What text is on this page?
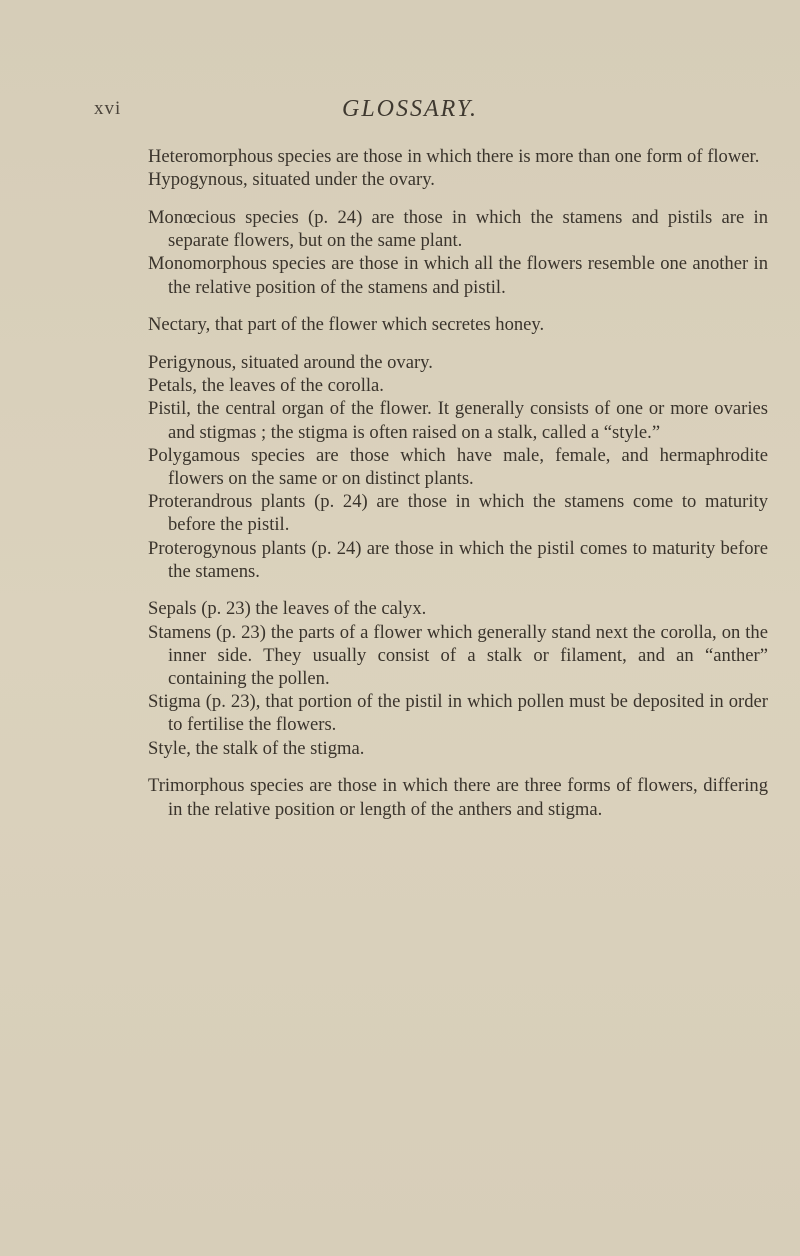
xvi	GLOSSARY.

Heteromorphous species are those in which there is more than one form of flower.

Hypogynous, situated under the ovary.

Monœcious species (p. 24) are those in which the stamens and pistils are in separate flowers, but on the same plant.

Monomorphous species are those in which all the flowers resemble one another in the relative position of the stamens and pistil.

Nectary, that part of the flower which secretes honey.

Perigynous, situated around the ovary.

Petals, the leaves of the corolla.

Pistil, the central organ of the flower. It generally consists of one or more ovaries and stigmas ; the stigma is often raised on a stalk, called a “style.”

Polygamous species are those which have male, female, and hermaphrodite flowers on the same or on distinct plants.

Proterandrous plants (p. 24) are those in which the stamens come to maturity before the pistil.

Proterogynous plants (p. 24) are those in which the pistil comes to maturity before the stamens.

Sepals (p. 23) the leaves of the calyx.

Stamens (p. 23) the parts of a flower which generally stand next the corolla, on the inner side. They usually consist of a stalk or filament, and an “anther” containing the pollen.

Stigma (p. 23), that portion of the pistil in which pollen must be deposited in order to fertilise the flowers.

Style, the stalk of the stigma.

Trimorphous species are those in which there are three forms of flowers, differing in the relative position or length of the anthers and stigma.
